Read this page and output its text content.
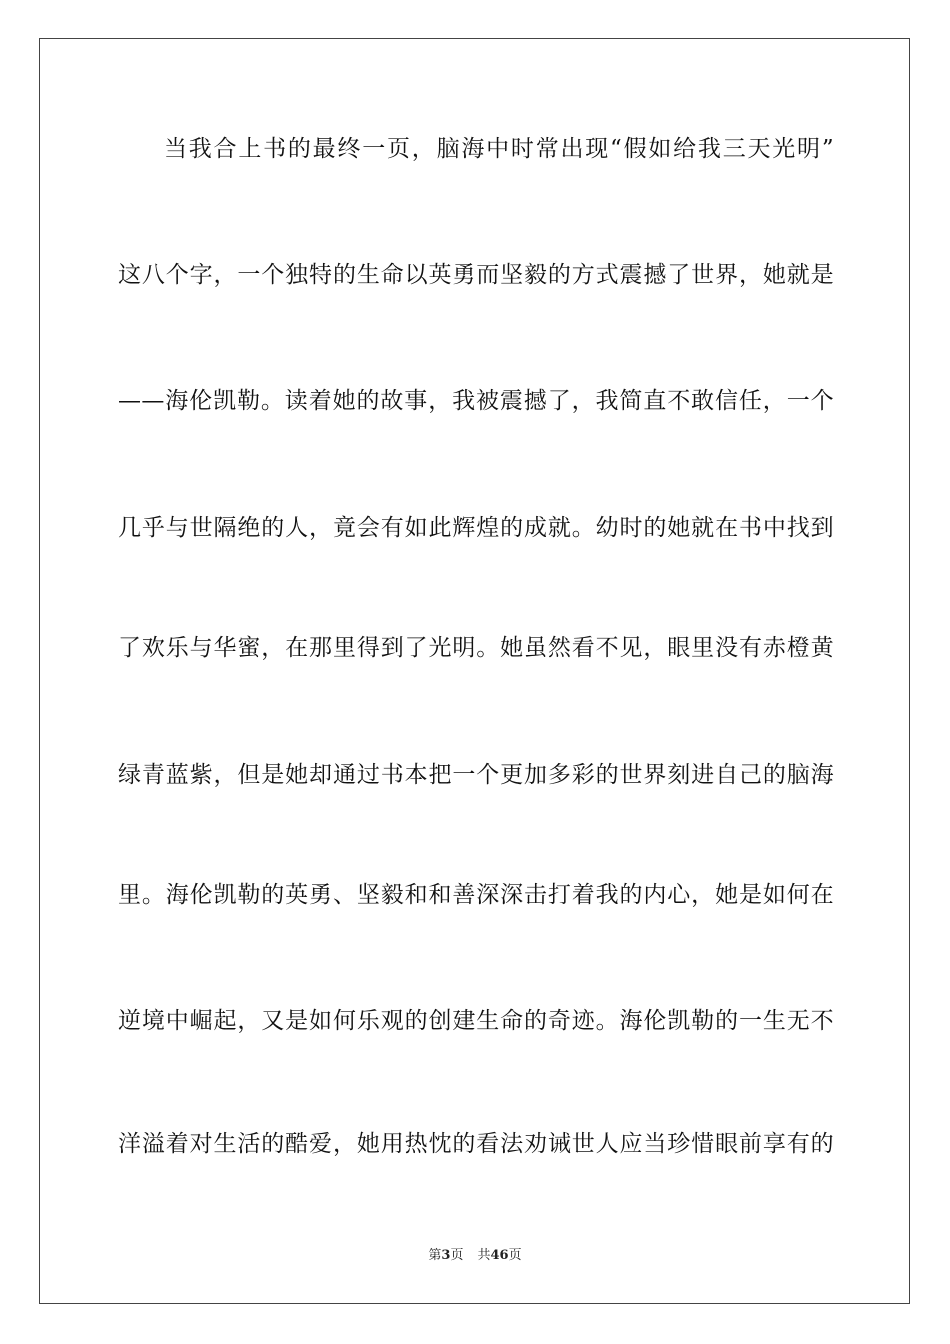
当我合上书的最终一页，脑海中时常出现“假如给我三天光明”
这八个字，一个独特的生命以英勇而坚毅的方式震撼了世界，她就是
——海伦凯勒。读着她的故事，我被震撼了，我简直不敢信任，一个
几乎与世隔绝的人，竟会有如此辉煌的成就。幼时的她就在书中找到
了欢乐与华蜜，在那里得到了光明。她虽然看不见，眼里没有赤橙黄
绿青蓝紫，但是她却通过书本把一个更加多彩的世界刻进自己的脑海
里。海伦凯勒的英勇、坚毅和和善深深击打着我的内心，她是如何在
逆境中崛起，又是如何乐观的创建生命的奇迹。海伦凯勒的一生无不
洋溢着对生活的酷爱，她用热忱的看法劝诫世人应当珍惜眼前享有的
第3页 共46页
